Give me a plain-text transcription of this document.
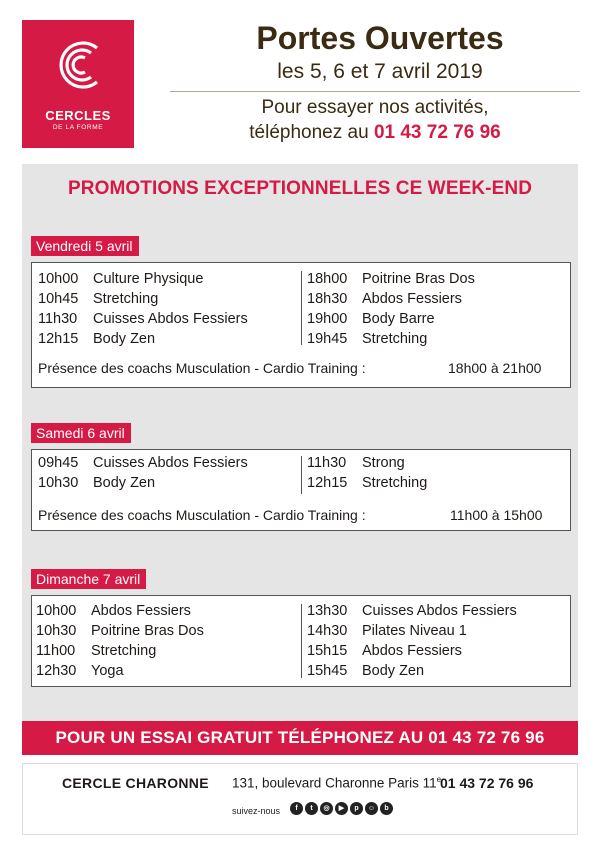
CERCLES
DE LA FORME
Portes Ouvertes
les 5, 6 et 7 avril 2019
Pour essayer nos activités,
téléphonez au 01 43 72 76 96
PROMOTIONS EXCEPTIONNELLES CE WEEK-END
Vendredi 5 avril
10h00 Culture Physique
10h45 Stretching
11h30 Cuisses Abdos Fessiers
12h15 Body Zen
18h00 Poitrine Bras Dos
18h30 Abdos Fessiers
19h00 Body Barre
19h45 Stretching
Présence des coachs Musculation - Cardio Training :	18h00 à 21h00
Samedi 6 avril
09h45 Cuisses Abdos Fessiers
10h30 Body Zen
11h30 Strong
12h15 Stretching
Présence des coachs Musculation - Cardio Training :	11h00 à 15h00
Dimanche 7 avril
10h00 Abdos Fessiers
10h30 Poitrine Bras Dos
11h00 Stretching
12h30 Yoga
13h30 Cuisses Abdos Fessiers
14h30 Pilates Niveau 1
15h15 Abdos Fessiers
15h45 Body Zen
POUR UN ESSAI GRATUIT TÉLÉPHONEZ AU 01 43 72 76 96
CERCLE CHARONNE 131, boulevard Charonne Paris 11e
01 43 72 76 96
suivez-nous	f	t	◎	▶	p	☺	b
